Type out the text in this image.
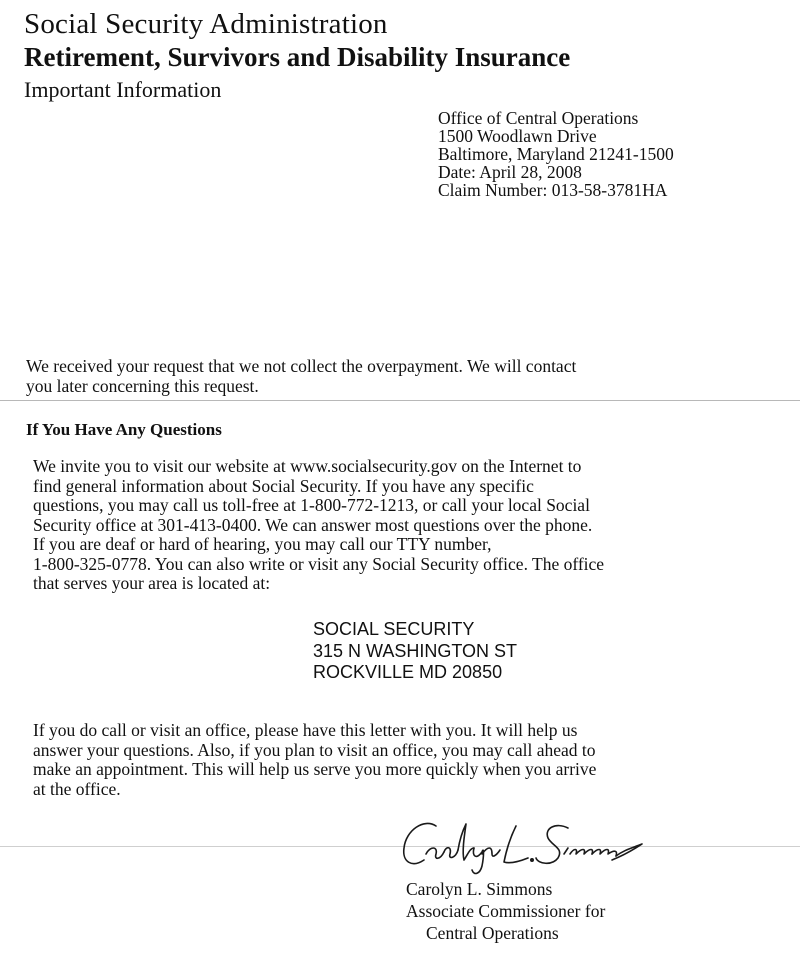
Social Security Administration
Retirement, Survivors and Disability Insurance
Important Information
Office of Central Operations
1500 Woodlawn Drive
Baltimore, Maryland 21241-1500
Date: April 28, 2008
Claim Number: 013-58-3781HA
We received your request that we not collect the overpayment. We will contact
you later concerning this request.
If You Have Any Questions
We invite you to visit our website at www.socialsecurity.gov on the Internet to
find general information about Social Security. If you have any specific
questions, you may call us toll-free at 1-800-772-1213, or call your local Social
Security office at 301-413-0400. We can answer most questions over the phone.
If you are deaf or hard of hearing, you may call our TTY number,
1-800-325-0778. You can also write or visit any Social Security office. The office
that serves your area is located at:
SOCIAL SECURITY
315 N WASHINGTON ST
ROCKVILLE MD 20850
If you do call or visit an office, please have this letter with you. It will help us
answer your questions. Also, if you plan to visit an office, you may call ahead to
make an appointment. This will help us serve you more quickly when you arrive
at the office.
Carolyn L. Simmons
Associate Commissioner for
Central Operations
